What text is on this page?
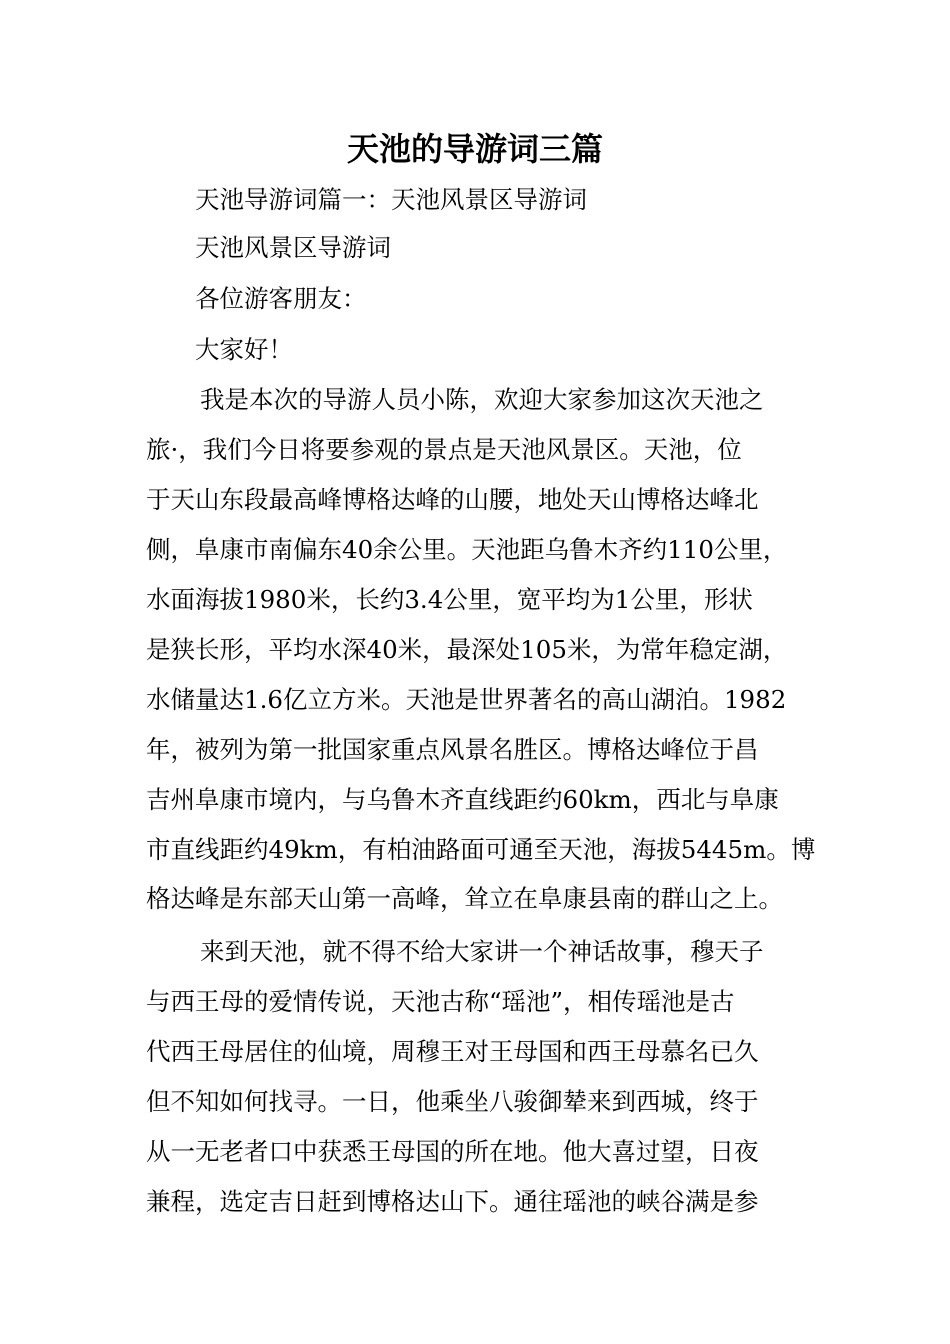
天池的导游词三篇

天池导游词篇一：天池风景区导游词

天池风景区导游词

各位游客朋友：

大家好！

我是本次的导游人员小陈，欢迎大家参加这次天池之

旅·，我们今日将要参观的景点是天池风景区。天池，位

于天山东段最高峰博格达峰的山腰，地处天山博格达峰北

侧，阜康市南偏东40余公里。天池距乌鲁木齐约110公里，

水面海拔1980米，长约3.4公里，宽平均为1公里，形状

是狭长形，平均水深40米，最深处105米，为常年稳定湖，

水储量达1.6亿立方米。天池是世界著名的高山湖泊。1982

年，被列为第一批国家重点风景名胜区。博格达峰位于昌

吉州阜康市境内，与乌鲁木齐直线距约60km，西北与阜康

市直线距约49km，有柏油路面可通至天池，海拔5445m。博

格达峰是东部天山第一高峰，耸立在阜康县南的群山之上。

来到天池，就不得不给大家讲一个神话故事，穆天子

与西王母的爱情传说，天池古称“瑶池”，相传瑶池是古

代西王母居住的仙境，周穆王对王母国和西王母慕名已久

但不知如何找寻。一日，他乘坐八骏御辇来到西城，终于

从一无老者口中获悉王母国的所在地。他大喜过望，日夜

兼程，选定吉日赶到博格达山下。通往瑶池的峡谷满是参
